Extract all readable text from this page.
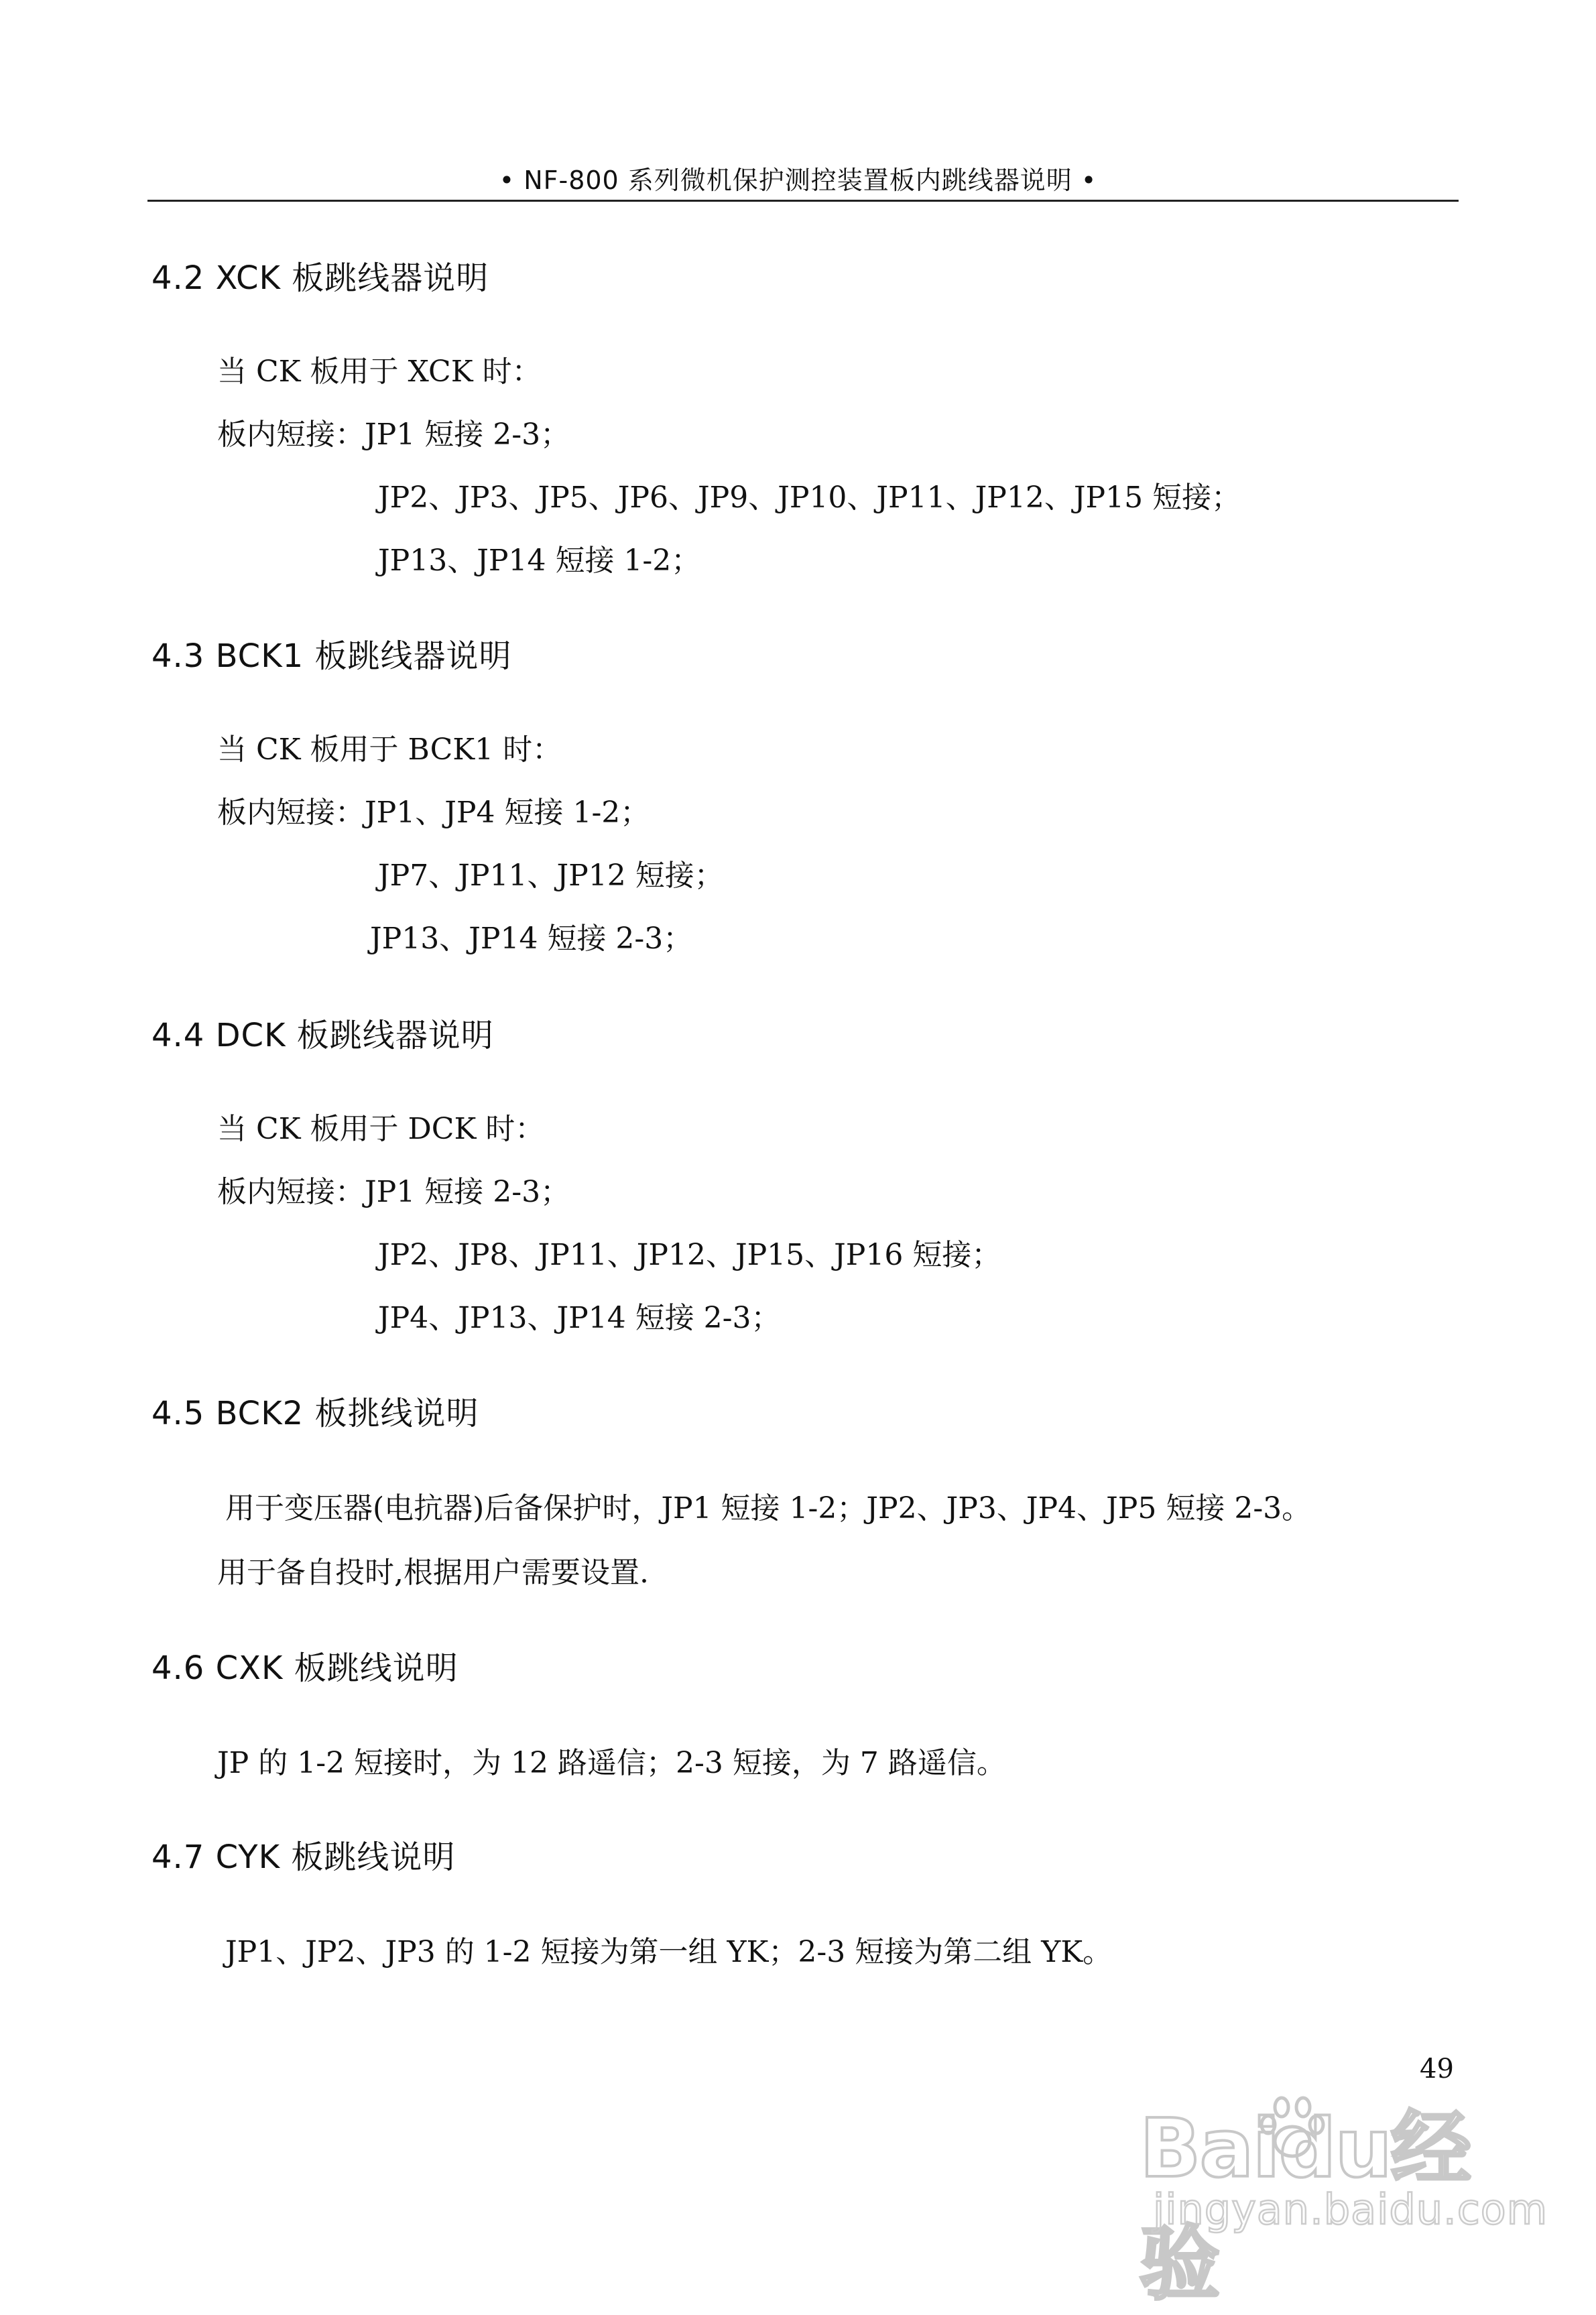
• NF-800 系列微机保护测控装置板内跳线器说明 •
4.2 XCK 板跳线器说明
当 CK 板用于 XCK 时：
板内短接：JP1 短接 2-3；
JP2、JP3、JP5、JP6、JP9、JP10、JP11、JP12、JP15 短接；
JP13、JP14 短接 1-2；
4.3 BCK1 板跳线器说明
当 CK 板用于 BCK1 时：
板内短接：JP1、JP4 短接 1-2；
JP7、JP11、JP12 短接；
JP13、JP14 短接 2-3；
4.4 DCK 板跳线器说明
当 CK 板用于 DCK 时：
板内短接：JP1 短接 2-3；
JP2、JP8、JP11、JP12、JP15、JP16 短接；
JP4、JP13、JP14 短接 2-3；
4.5 BCK2 板挑线说明
用于变压器(电抗器)后备保护时，JP1 短接 1-2；JP2、JP3、JP4、JP5 短接 2-3。
用于备自投时,根据用户需要设置.
4.6 CXK 板跳线说明
JP 的 1-2 短接时，为 12 路遥信；2-3 短接，为 7 路遥信。
4.7 CYK 板跳线说明
JP1、JP2、JP3 的 1-2 短接为第一组 YK；2-3 短接为第二组 YK。
49
Baidu经验
jingyan.baidu.com
